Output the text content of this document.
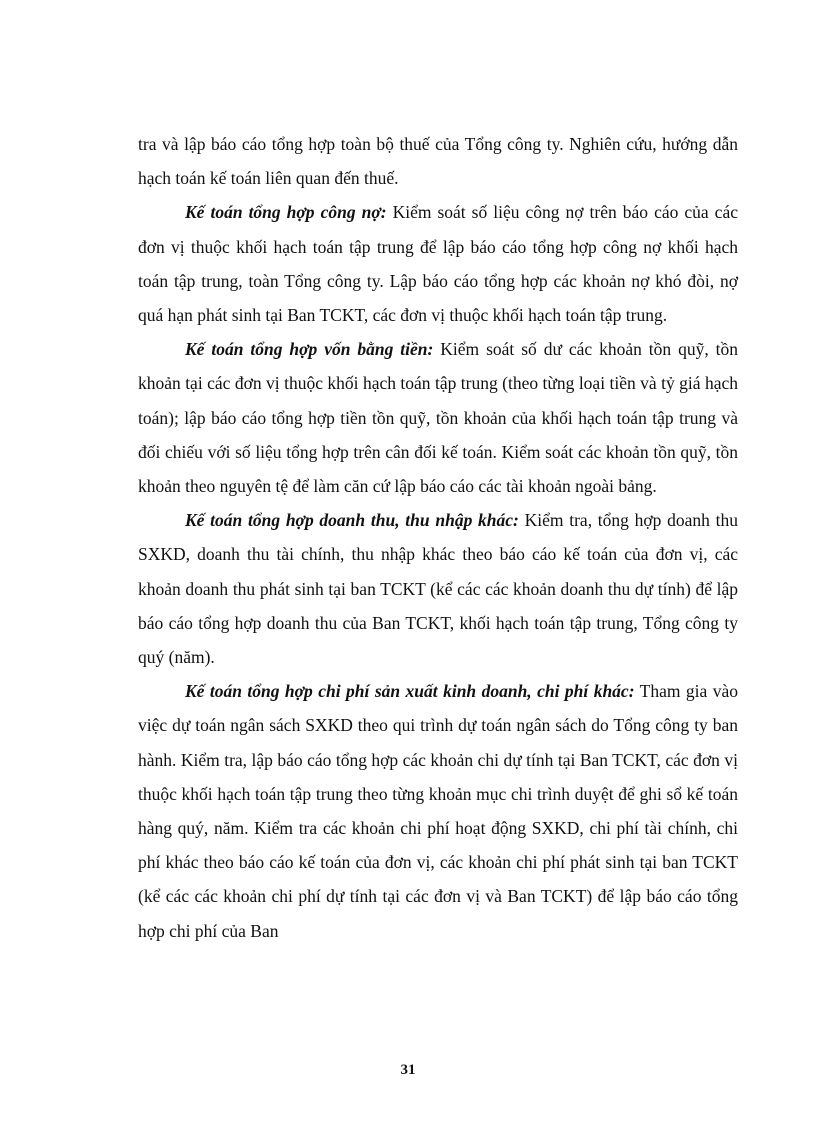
tra và lập báo cáo tổng hợp toàn bộ thuế của Tổng công ty. Nghiên cứu, hướng dẫn hạch toán kế toán liên quan đến thuế.

Kế toán tổng hợp công nợ: Kiểm soát số liệu công nợ trên báo cáo của các đơn vị thuộc khối hạch toán tập trung để lập báo cáo tổng hợp công nợ khối hạch toán tập trung, toàn Tổng công ty. Lập báo cáo tổng hợp các khoản nợ khó đòi, nợ quá hạn phát sinh tại Ban TCKT, các đơn vị thuộc khối hạch toán tập trung.

Kế toán tổng hợp vốn bằng tiền: Kiểm soát số dư các khoản tồn quỹ, tồn khoản tại các đơn vị thuộc khối hạch toán tập trung (theo từng loại tiền và tỷ giá hạch toán); lập báo cáo tổng hợp tiền tồn quỹ, tồn khoản của khối hạch toán tập trung và đối chiếu với số liệu tổng hợp trên cân đối kế toán. Kiểm soát các khoản tồn quỹ, tồn khoản theo nguyên tệ để làm căn cứ lập báo cáo các tài khoản ngoài bảng.

Kế toán tổng hợp doanh thu, thu nhập khác: Kiểm tra, tổng hợp doanh thu SXKD, doanh thu tài chính, thu nhập khác theo báo cáo kế toán của đơn vị, các khoản doanh thu phát sinh tại ban TCKT (kể các các khoản doanh thu dự tính) để lập báo cáo tổng hợp doanh thu của Ban TCKT, khối hạch toán tập trung, Tổng công ty quý (năm).

Kế toán tổng hợp chi phí sản xuất kinh doanh, chi phí khác: Tham gia vào việc dự toán ngân sách SXKD theo qui trình dự toán ngân sách do Tổng công ty ban hành. Kiểm tra, lập báo cáo tổng hợp các khoản chi dự tính tại Ban TCKT, các đơn vị thuộc khối hạch toán tập trung theo từng khoản mục chi trình duyệt để ghi sổ kế toán hàng quý, năm. Kiểm tra các khoản chi phí hoạt động SXKD, chi phí tài chính, chi phí khác theo báo cáo kế toán của đơn vị, các khoản chi phí phát sinh tại ban TCKT (kể các các khoản chi phí dự tính tại các đơn vị và Ban TCKT) để lập báo cáo tổng hợp chi phí của Ban

31
